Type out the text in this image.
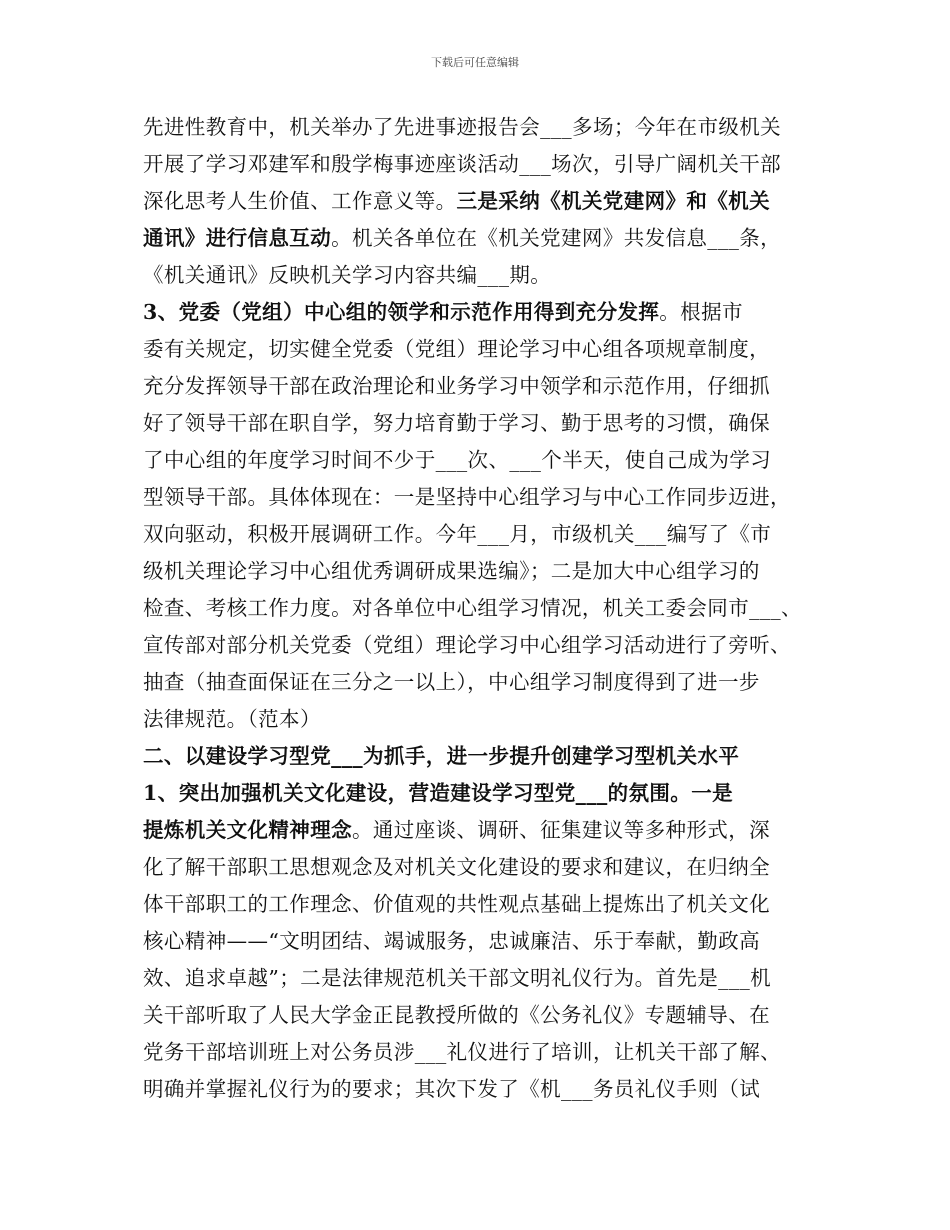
下载后可任意编辑
先进性教育中，机关举办了先进事迹报告会___多场；今年在市级机关
开展了学习邓建军和殷学梅事迹座谈活动___场次，引导广阔机关干部
深化思考人生价值、工作意义等。三是采纳《机关党建网》和《机关
通讯》进行信息互动。机关各单位在《机关党建网》共发信息___条，
《机关通讯》反映机关学习内容共编___期。
3、党委（党组）中心组的领学和示范作用得到充分发挥。根据市
委有关规定，切实健全党委（党组）理论学习中心组各项规章制度，
充分发挥领导干部在政治理论和业务学习中领学和示范作用，仔细抓
好了领导干部在职自学，努力培育勤于学习、勤于思考的习惯，确保
了中心组的年度学习时间不少于___次、___个半天，使自己成为学习
型领导干部。具体体现在：一是坚持中心组学习与中心工作同步迈进，
双向驱动，积极开展调研工作。今年___月，市级机关___编写了《市
级机关理论学习中心组优秀调研成果选编》；二是加大中心组学习的
检查、考核工作力度。对各单位中心组学习情况，机关工委会同市___、
宣传部对部分机关党委（党组）理论学习中心组学习活动进行了旁听、
抽查（抽查面保证在三分之一以上），中心组学习制度得到了进一步
法律规范。（范本）
二、以建设学习型党___为抓手，进一步提升创建学习型机关水平
1、突出加强机关文化建设，营造建设学习型党___的氛围。一是
提炼机关文化精神理念。通过座谈、调研、征集建议等多种形式，深
化了解干部职工思想观念及对机关文化建设的要求和建议，在归纳全
体干部职工的工作理念、价值观的共性观点基础上提炼出了机关文化
核心精神——“文明团结、竭诚服务，忠诚廉洁、乐于奉献，勤政高
效、追求卓越”；二是法律规范机关干部文明礼仪行为。首先是___机
关干部听取了人民大学金正昆教授所做的《公务礼仪》专题辅导、在
党务干部培训班上对公务员涉___礼仪进行了培训，让机关干部了解、
明确并掌握礼仪行为的要求；其次下发了《机___务员礼仪手则（试
